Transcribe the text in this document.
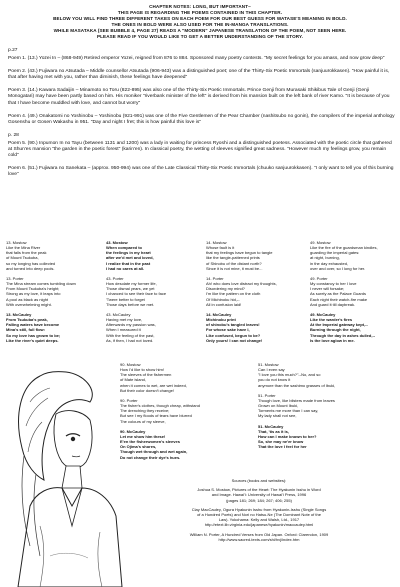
CHAPTER NOTES: LONG, BUT IMPORTANT~
THIS PAGE IS REGARDING THE POEMS CONTAINED IN THIS CHAPTER.
BELOW YOU WILL FIND THREE DIFFERENT TAKES ON EACH POEM FOR OUR BEST GUESS FOR WATASE'S MEANING IN BOLD.
THE ONES IN BOLD WERE ALSO USED FOR THE IN-MANGA TRANSLATIONS.
WHILE MASATAKA (SEE BUBBLE 4, PAGE 27) READS A "MODERN" JAPANESE TRANSLATION OF THE POEM, NOT SEEN HERE.
PLEASE READ IF YOU WOULD LIKE TO GET A BETTER UNDERSTANDING OF THE STORY.
p.27
Poem 1. (13.) Yozei In – (868-949) Retired emperor Yozei, reigned from 876 to 884. Sponsored many poetry contests. "My secret feelings for you amass, and now grow deep"
Poem 2. (43.) Fujiwara no Atsutada – Middle counsellor Atsutada (906-943) was a distinguished poet; one of the Thirty-Six Poetic Immortals (sanjuurokkasen). "How painful it is, that after having met with you, rather than diminish, these feelings have deepened"
Poem 3. (14.) Kawara Sadaijin – Minamoto no Toru (822-895) was also one of the Thirty-Six Poetic Immortals. Prince Genji from Murasaki Shikibus Tale of Genji (Genji Monogatari) may have been partly based on him. His moniker "riverbank minister of the left" is derived from his mansion built on the left bank of river Kamo. "It is because of you that I have become muddled with love, and cannot but worry"
Poem 4. (49.) Onakatomi no Yoshinobu – Yoshinobu (921-991) was one of the Five Gentlemen of the Pear Chamber (nashitsubo no gonin), the compilers of the imperial anthology Gosenshu or Gosen Wakashu in 951. "Day and night I fret; this is how painful this love is"
p. 28
Poem 5. (90.) Inpumon In no Tayu (between 1131 and 1200) was a lady in waiting for princess Ryoshi and a distinguished poetess. Associated with the poetic circle that gathered at Shun'es mansion "the garden in the poetic forest" (karin'en). In classical poetry, the wetting of sleeves signified great sadness. "However much my feelings grow, you remain cold"
Poem 6. (51.) Fujiwara no Sanekata – (approx. 950-994) was one of the Late Classical Thirty-Six Poetic Immortals (chuuko sanjuurokkasen). "I only want to tell you of this burning love"
13. Mostow
Like the Mina River
that falls from the peak
of Mount Tsukuba,
so my longing has collected
and turned into deep pools.
13. Porter
The Mina stream comes tumbling down
From Mount Tsukuba's height;
Strong as my love, it leaps into
A pool as black as night
With overwhelming might.
13. McCauley
From Tsukuba's peak,
Falling waters have become
Mina's still, full flow:
So my love has grown to be;
Like the river's quiet deeps.
43. Mostow
When compared to
the feelings in my heart
after we'd met and loved,
I realize that in the past
I had no cares at all.
43. Porter
How desolate my former life,
Those dismal years, we yet
I chanced to see their face to face
'Twere better to forget
Those days before we met.
43. McCauley
Having met my love,
Afterwards my passion was,
When I measured it
With the feeling of the past,
As, if then, I had not loved.
14. Mostow
Whose fault is it
that my feelings have begun to tangle
like the tangle-patterned prints
of Shinobu of the distant north?
Since it is not mine, it must be...
14. Porter
Ah! who does love distract my thoughts,
Disordering my mind?
I'm like the pattern on the cloth
Of Michinoku hid,--
All in confusion laid!
14. McCauley
Michinoku print
of shinobu's tangled leaves!
For whose sake have I,
Like confused, begun to be?
Only yours! I can not change!
49. Mostow
Like the fire of the guardsman kindles,
guarding the imperial gates:
at night, burning,
in the day exhausted,
over and over, so I long for her.
49. Porter
My constancy to her I love
I never will forsake;
As surely as the Palace Guards
Each night their watch-fire make
And guard it till daybreak.
49. McCauley
Like the warder's fires
At the Imperial gateway kept,--
Burning through the night,
Through the day in ashes dulled,--
Is the love aglow in me.
90. Mostow
How I'd like to show him!
The sleeves of the fishermen
of Mate island,
when it comes to wet, are wet indeed,
But their color doesn't change!
90. Porter
The fisher's clothes, though cheap, withstand
The drenching they receive;
But see I my floods of tears have blurred
The colours of my sleeve,
90. McCauley
Let me show him these!
E'en the fisherwomen's sleeves
On Ojima's shores,
Though wet through and wet again,
Do not change their dye's hues.
51. Mostow
Can I even say
"I love you this much?"--No, and so
you do not know it
anymore than the sashimo grasses of Ibuki,
51. Porter
Though love, like blisters made from leaves
Grown on Mount Ibuki,
Torments me more than I can say,
My lady shall not see,
51. McCauley
That, 'tis as it is,
How can I make known to her?
So, she may ne'er know
That the love I feel for her
Sources (books and websites):
Joshua S. Mostow, Pictures of the Heart: The Hyakunin Isshu in Word
and Image. Hawai'i: University of Hawai'i Press, 1996
(pages 181; 269; 184; 267; 406; 255)
Clay MacCauley, Ogura Hyakunin Isshu from Hyakunin-Isshu (Single Songs
of a Hundred Poets) and Nori no Hatsu-Ne (The Dominant Note of the
Law). Yokohama: Kelly and Walsh, Ltd., 1917
http://etext.lib.virginia.edu/japanese/hyakunin/maccauley.html
William N. Porter, A Hundred Verses from Old Japan. Oxford: Clarendon, 1909
http://www.sacred-texts.com/shi/hvj/index.htm
